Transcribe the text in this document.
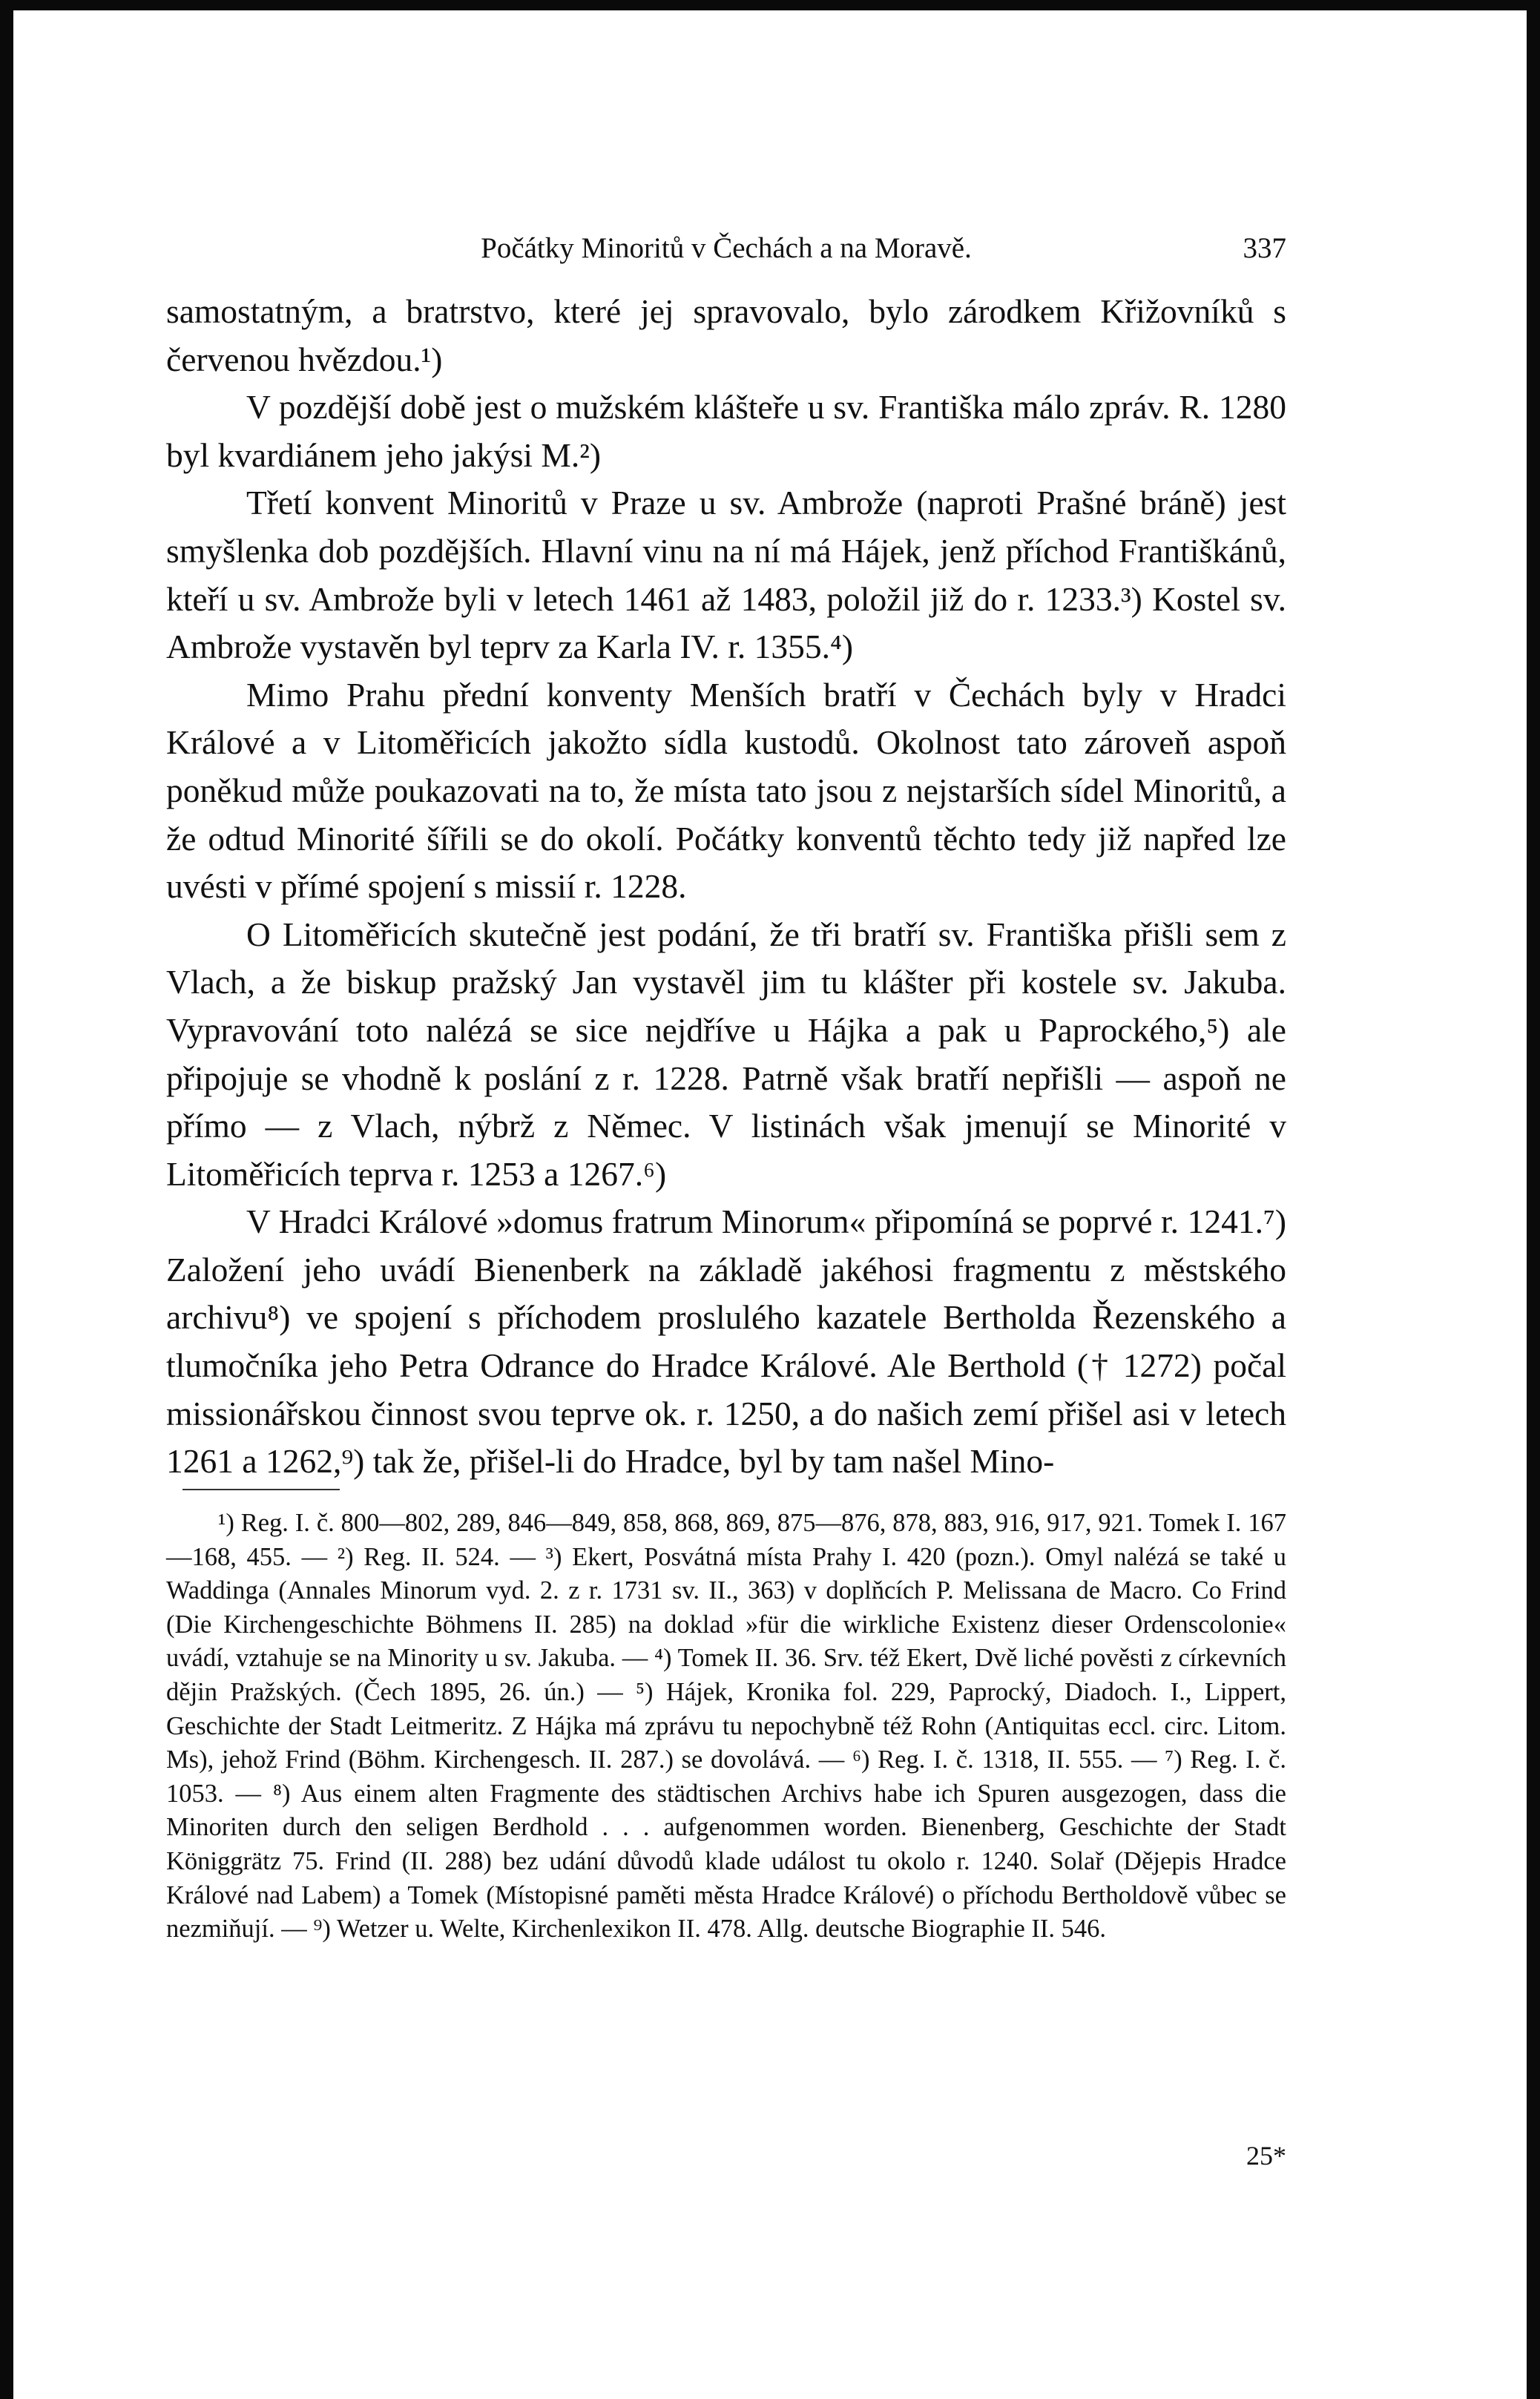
Počátky Minoritů v Čechách a na Moravě.	337

samostatným, a bratrstvo, které jej spravovalo, bylo zárodkem Křižovníků s červenou hvězdou.¹)

V pozdější době jest o mužském klášteře u sv. Františka málo zpráv. R. 1280 byl kvardiánem jeho jakýsi M.²)

Třetí konvent Minoritů v Praze u sv. Ambrože (naproti Prašné bráně) jest smyšlenka dob pozdějších. Hlavní vinu na ní má Hájek, jenž příchod Františkánů, kteří u sv. Ambrože byli v letech 1461 až 1483, položil již do r. 1233.³) Kostel sv. Ambrože vystavěn byl teprv za Karla IV. r. 1355.⁴)

Mimo Prahu přední konventy Menších bratří v Čechách byly v Hradci Králové a v Litoměřicích jakožto sídla kustodů. Okolnost tato zároveň aspoň poněkud může poukazovati na to, že místa tato jsou z nejstarších sídel Minoritů, a že odtud Minorité šířili se do okolí. Počátky konventů těchto tedy již napřed lze uvésti v přímé spojení s missií r. 1228.

O Litoměřicích skutečně jest podání, že tři bratří sv. Františka přišli sem z Vlach, a že biskup pražský Jan vystavěl jim tu klášter při kostele sv. Jakuba. Vypravování toto nalézá se sice nejdříve u Hájka a pak u Paprockého,⁵) ale připojuje se vhodně k poslání z r. 1228. Patrně však bratří nepřišli — aspoň ne přímo — z Vlach, nýbrž z Němec. V listinách však jmenují se Minorité v Litoměřicích teprva r. 1253 a 1267.⁶)

V Hradci Králové »domus fratrum Minorum« připomíná se poprvé r. 1241.⁷) Založení jeho uvádí Bienenberk na základě jakéhosi fragmentu z městského archivu⁸) ve spojení s příchodem proslulého kazatele Bertholda Řezenského a tlumočníka jeho Petra Odrance do Hradce Králové. Ale Berthold († 1272) počal missionářskou činnost svou teprve ok. r. 1250, a do našich zemí přišel asi v letech 1261 a 1262,⁹) tak že, přišel-li do Hradce, byl by tam našel Mino-

¹) Reg. I. č. 800—802, 289, 846—849, 858, 868, 869, 875—876, 878, 883, 916, 917, 921. Tomek I. 167—168, 455. — ²) Reg. II. 524. — ³) Ekert, Posvátná místa Prahy I. 420 (pozn.). Omyl nalézá se také u Waddinga (Annales Minorum vyd. 2. z r. 1731 sv. II., 363) v doplňcích P. Melissana de Macro. Co Frind (Die Kirchengeschichte Böhmens II. 285) na doklad »für die wirkliche Existenz dieser Ordenscolonie« uvádí, vztahuje se na Minority u sv. Jakuba. — ⁴) Tomek II. 36. Srv. též Ekert, Dvě liché pověsti z církevních dějin Pražských. (Čech 1895, 26. ún.) — ⁵) Hájek, Kronika fol. 229, Paprocký, Diadoch. I., Lippert, Geschichte der Stadt Leitmeritz. Z Hájka má zprávu tu nepochybně též Rohn (Antiquitas eccl. circ. Litom. Ms), jehož Frind (Böhm. Kirchengesch. II. 287.) se dovolává. — ⁶) Reg. I. č. 1318, II. 555. — ⁷) Reg. I. č. 1053. — ⁸) Aus einem alten Fragmente des städtischen Archivs habe ich Spuren ausgezogen, dass die Minoriten durch den seligen Berdhold . . . aufgenommen worden. Bienenberg, Geschichte der Stadt Königgrätz 75. Frind (II. 288) bez udání důvodů klade událost tu okolo r. 1240. Solař (Dějepis Hradce Králové nad Labem) a Tomek (Místopisné paměti města Hradce Králové) o příchodu Bertholdově vůbec se nezmiňují. — ⁹) Wetzer u. Welte, Kirchenlexikon II. 478. Allg. deutsche Biographie II. 546.

25*
